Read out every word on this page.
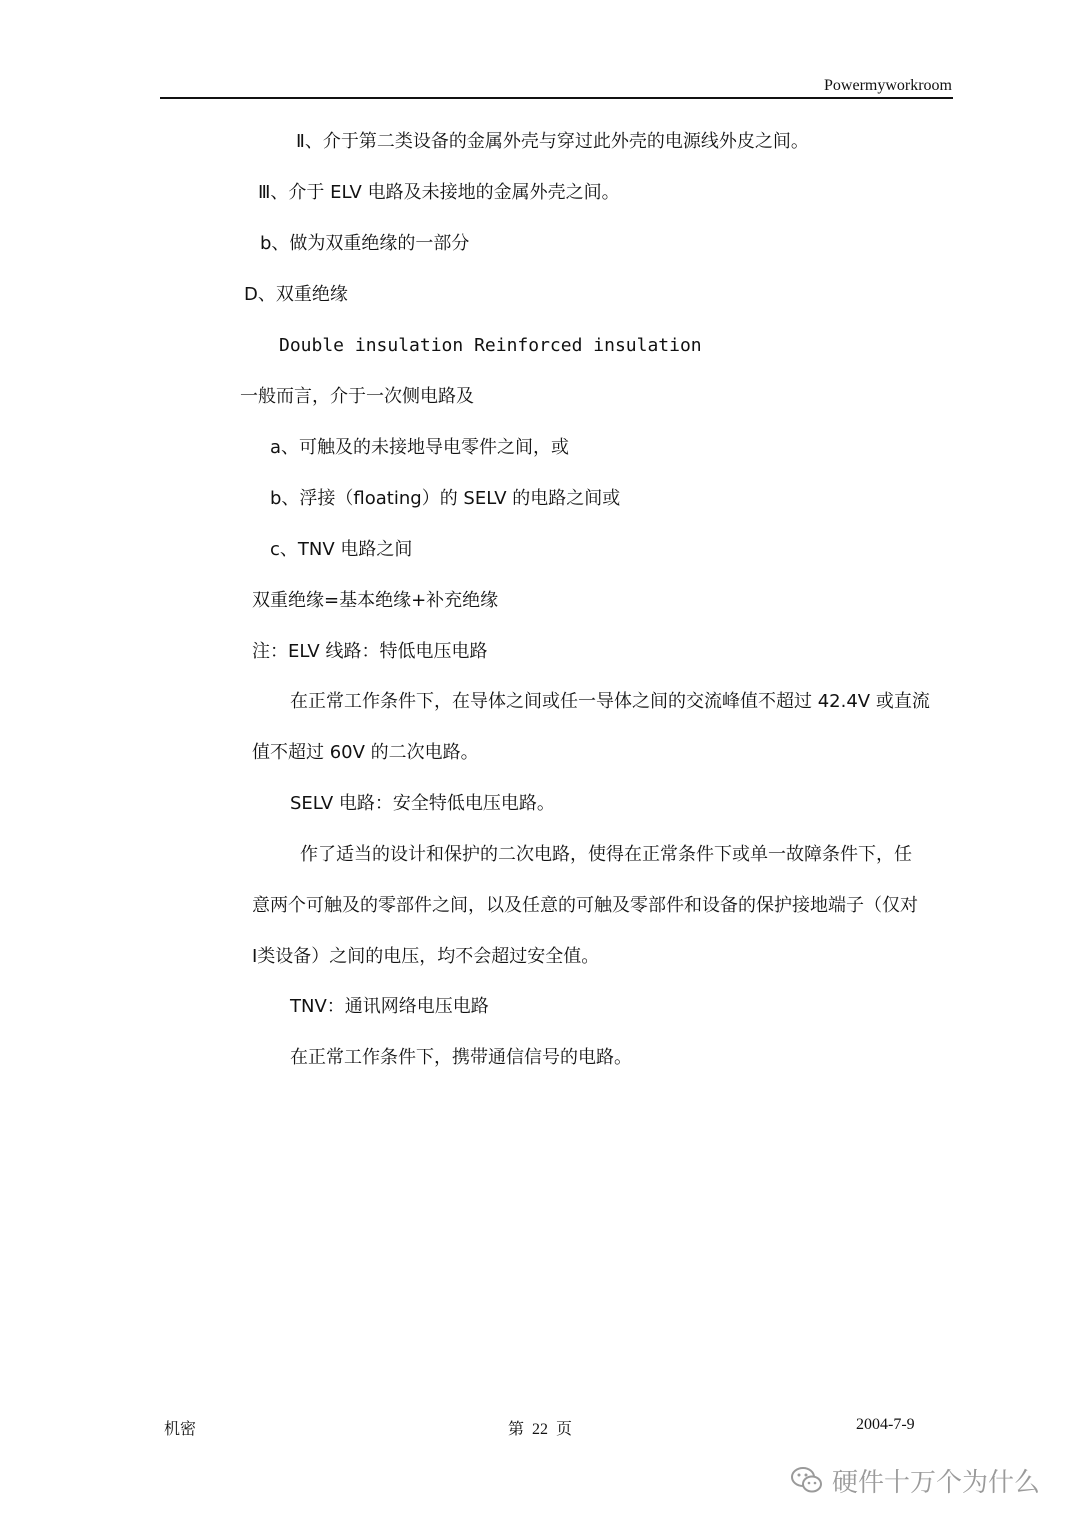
Powermyworkroom
Ⅱ、介于第二类设备的金属外壳与穿过此外壳的电源线外皮之间。
Ⅲ、介于 ELV 电路及未接地的金属外壳之间。
b、做为双重绝缘的一部分
D、双重绝缘
Double insulation Reinforced insulation
一般而言，介于一次侧电路及
a、可触及的未接地导电零件之间，或
b、浮接（floating）的 SELV 的电路之间或
c、TNV 电路之间
双重绝缘=基本绝缘+补充绝缘
注：ELV 线路：特低电压电路
在正常工作条件下，在导体之间或任一导体之间的交流峰值不超过 42.4V 或直流
值不超过 60V 的二次电路。
SELV 电路：安全特低电压电路。
作了适当的设计和保护的二次电路，使得在正常条件下或单一故障条件下，任
意两个可触及的零部件之间，以及任意的可触及零部件和设备的保护接地端子（仅对
Ⅰ类设备）之间的电压，均不会超过安全值。
TNV：通讯网络电压电路
在正常工作条件下，携带通信信号的电路。
机密	第  22  页	2004-7-9
硬件十万个为什么
